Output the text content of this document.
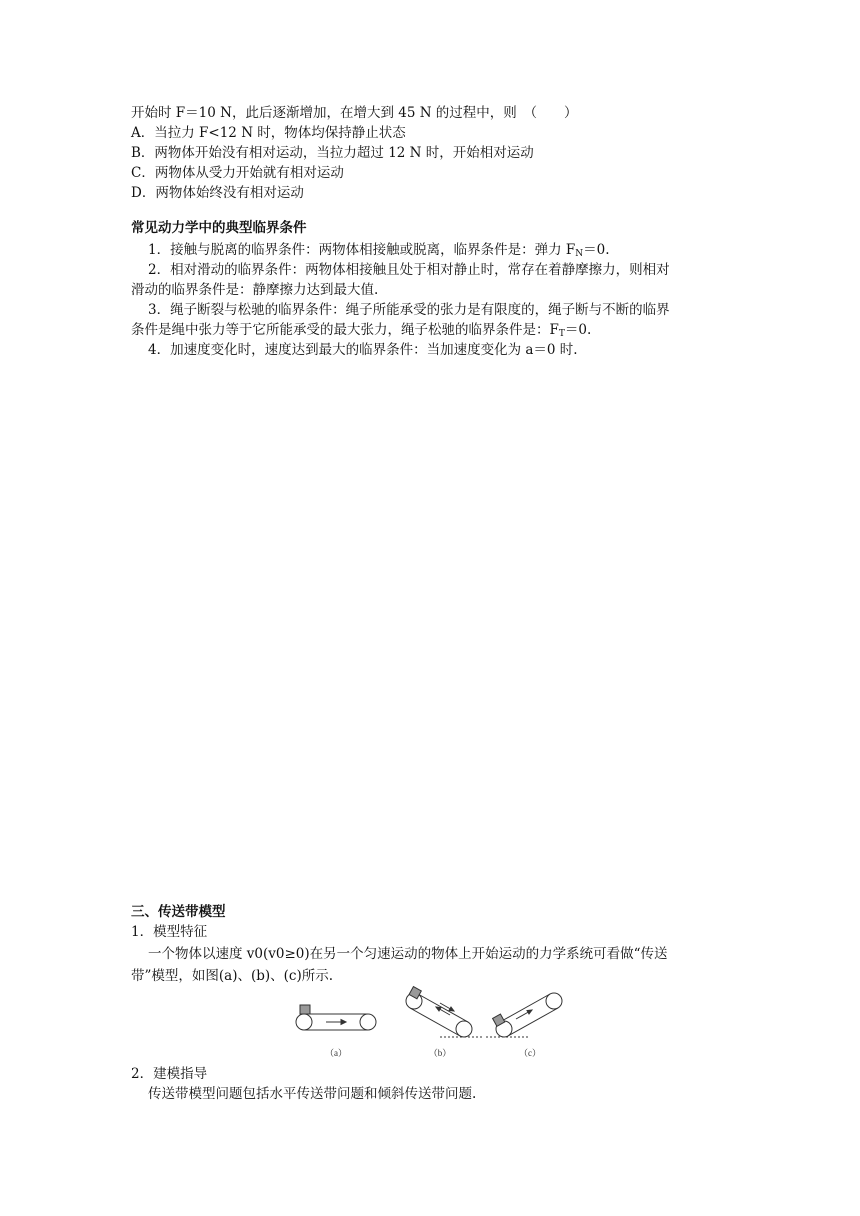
开始时 F＝10 N，此后逐渐增加，在增大到 45 N 的过程中，则　（　　）
A．当拉力 F<12 N 时，物体均保持静止状态
B．两物体开始没有相对运动，当拉力超过 12 N 时，开始相对运动
C．两物体从受力开始就有相对运动
D．两物体始终没有相对运动
常见动力学中的典型临界条件
1．接触与脱离的临界条件：两物体相接触或脱离，临界条件是：弹力 $F_N=0$.
2．相对滑动的临界条件：两物体相接触且处于相对静止时，常存在着静摩擦力，则相对
滑动的临界条件是：静摩擦力达到最大值.
3．绳子断裂与松驰的临界条件：绳子所能承受的张力是有限度的，绳子断与不断的临界
条件是绳中张力等于它所能承受的最大张力，绳子松驰的临界条件是：$F_T=0$.
4．加速度变化时，速度达到最大的临界条件：当加速度变化为 a＝0 时.
三、传送带模型
1．模型特征
一个物体以速度 v0(v0≥0)在另一个匀速运动的物体上开始运动的力学系统可看做“传送
带”模型，如图(a)、(b)、(c)所示.
（a）	（b）	（c）
2．建模指导
传送带模型问题包括水平传送带问题和倾斜传送带问题.
